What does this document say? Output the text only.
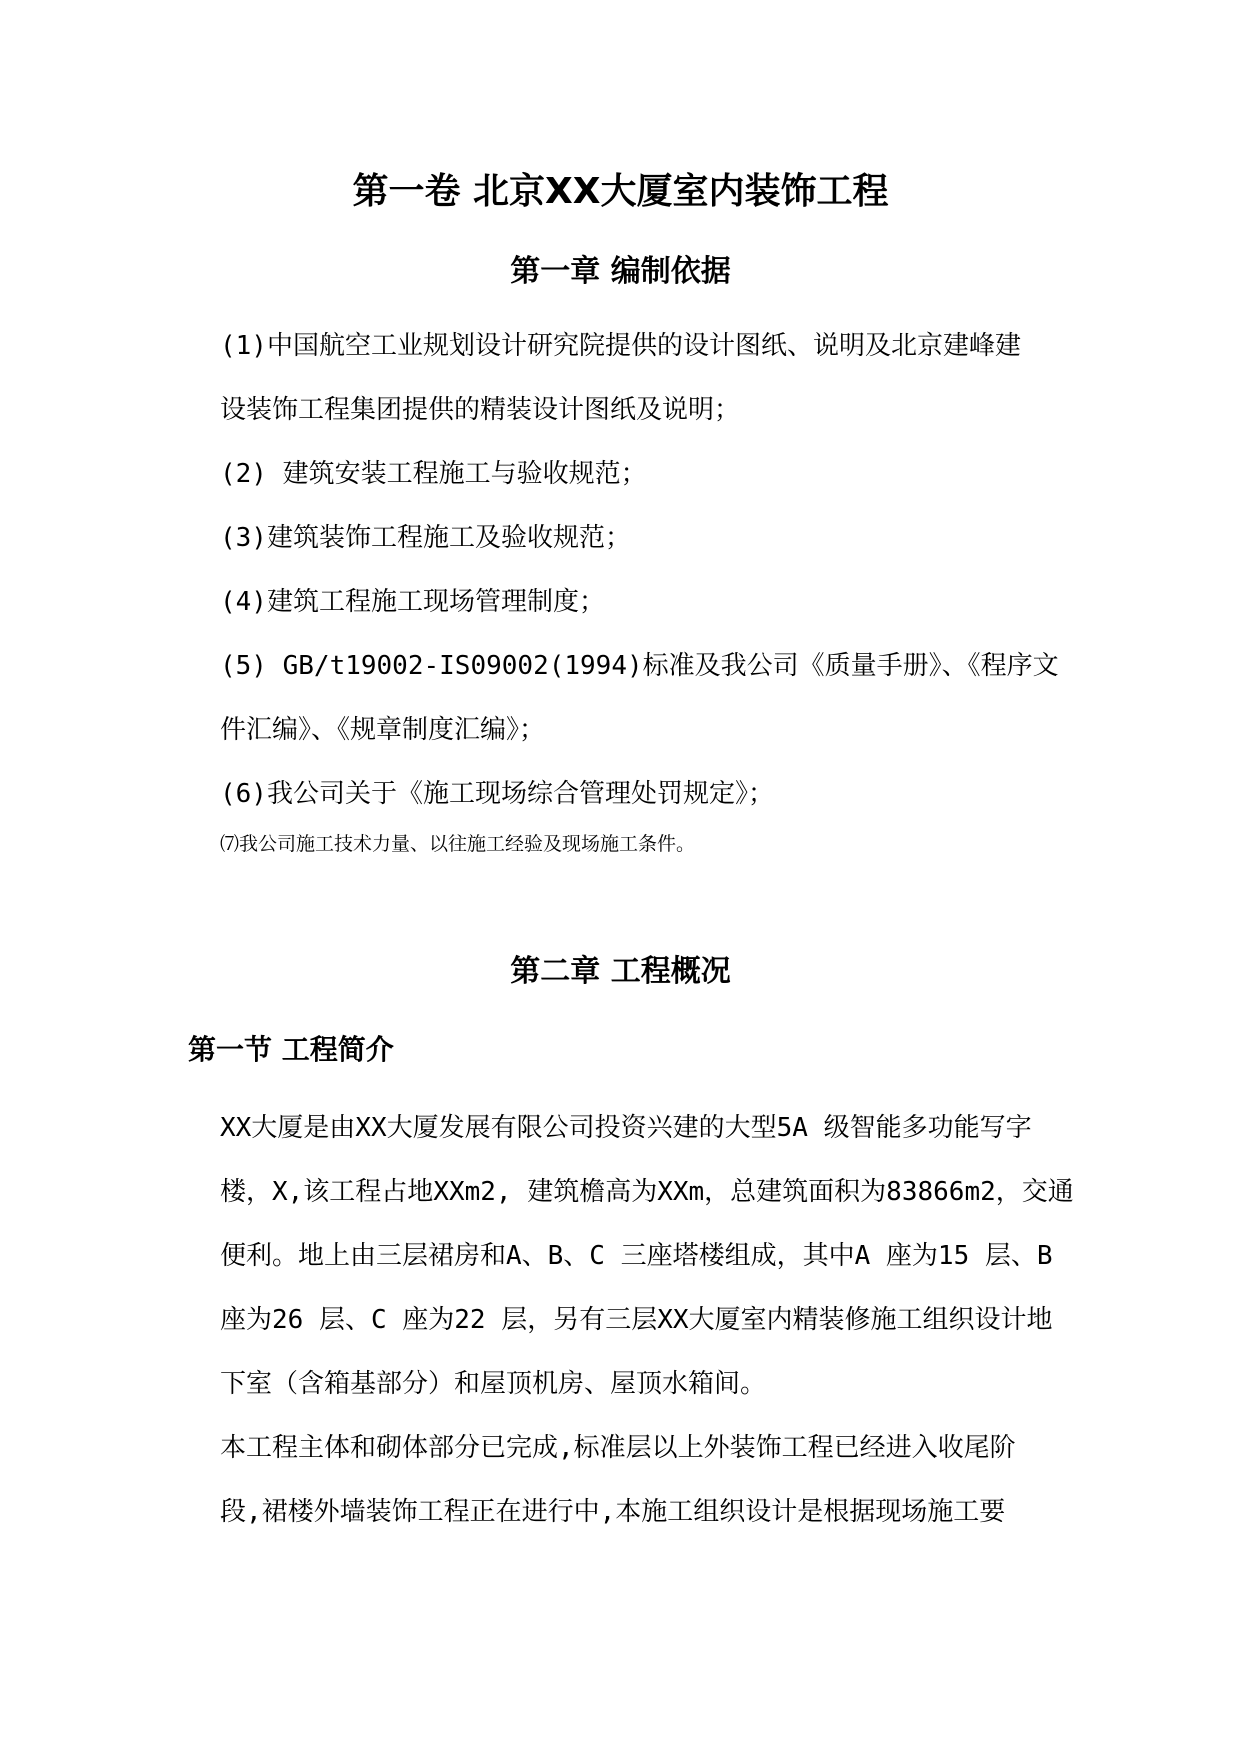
第一卷 北京XX大厦室内装饰工程
第一章 编制依据

(1)中国航空工业规划设计研究院提供的设计图纸、说明及北京建峰建

设装饰工程集团提供的精装设计图纸及说明；

(2) 建筑安装工程施工与验收规范；

(3)建筑装饰工程施工及验收规范；

(4)建筑工程施工现场管理制度；

(5) GB/t19002-IS09002(1994)标准及我公司《质量手册》、《程序文

件汇编》、《规章制度汇编》；

(6)我公司关于《施工现场综合管理处罚规定》；

⑺我公司施工技术力量、以往施工经验及现场施工条件。

第二章 工程概况
第一节 工程简介

XX大厦是由XX大厦发展有限公司投资兴建的大型5A 级智能多功能写字

楼，X,该工程占地XXm2, 建筑檐高为XXm，总建筑面积为83866m2，交通

便利。地上由三层裙房和A、B、C 三座塔楼组成，其中A 座为15 层、B

座为26 层、C 座为22 层，另有三层XX大厦室内精装修施工组织设计地

下室（含箱基部分）和屋顶机房、屋顶水箱间。

本工程主体和砌体部分已完成,标准层以上外装饰工程已经进入收尾阶

段,裙楼外墙装饰工程正在进行中,本施工组织设计是根据现场施工要
